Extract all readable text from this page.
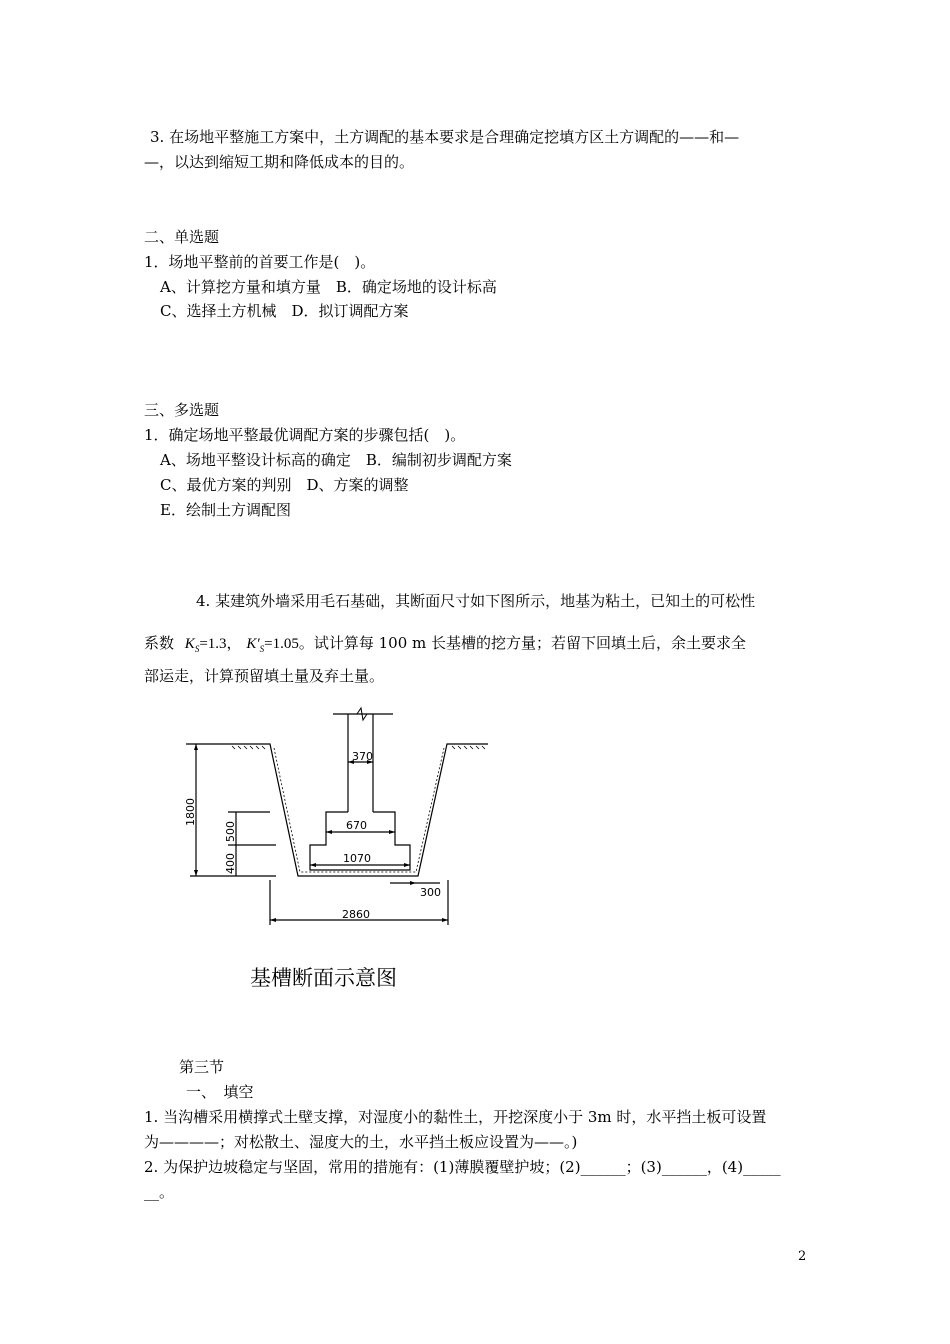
3. 在场地平整施工方案中，土方调配的基本要求是合理确定挖填方区土方调配的——和—
—，以达到缩短工期和降低成本的目的。
二、单选题
1．场地平整前的首要工作是(　)。
A、计算挖方量和填方量　B．确定场地的设计标高
C、选择土方机械　D．拟订调配方案
三、多选题
1．确定场地平整最优调配方案的步骤包括(　)。
A、场地平整设计标高的确定　B．编制初步调配方案
C、最优方案的判别　D、方案的调整
E．绘制土方调配图
4. 某建筑外墙采用毛石基础，其断面尺寸如下图所示，地基为粘土，已知土的可松性
系数 $K_S=1.3$， $K'_S=1.05$。试计算每 100 m 长基槽的挖方量；若留下回填土后，余土要求全
部运走，计算预留填土量及弃土量。
370
670
1070
300
2860
1800
500
400
基槽断面示意图
第三节
一、　填空
1. 当沟槽采用横撑式土壁支撑，对湿度小的黏性土，开挖深度小于 3m 时，水平挡土板可设置
为————；对松散土、湿度大的土，水平挡土板应设置为——。)
2. 为保护边坡稳定与坚固，常用的措施有：(1)薄膜覆壁护坡；(2)______；(3)______，(4)_____
__。
2
